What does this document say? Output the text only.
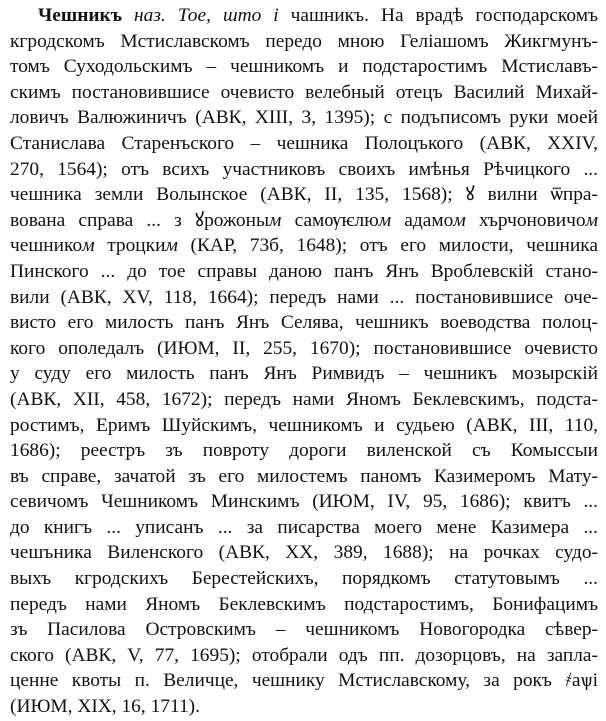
Чешникъ наз. Тое, што і чашникъ. На врадѣ господарскомъ
кгродскомъ Мстиславскомъ передо мною Геліашомъ Жикгмунъ-
томъ Суходольскимъ – чешникомъ и подстаростимъ Мстиславъ-
скимъ постановившисе очевисто велебный отецъ Василий Михай-
ловичъ Валюжиничъ (АВК, XIII, 3, 1395); с подъписомъ руки моей
Станислава Старенъского – чешника Полоцъкого (АВК, XXIV,
270, 1564); отъ всихъ участниковъ своихъ имѣнья Рѣчицкого ...
чешника земли Волынское (АВК, II, 135, 1568); ꙋ вилни ѿпра-
вована справа ... з ꙋрожоным самѹѥлюм адамом хърчоновичом
чешником троцким (КАР, 73б, 1648); отъ его милости, чешника
Пинского ... до тое справы даною панъ Янъ Вроблевскій стано-
вили (АВК, XV, 118, 1664); передъ нами ... постановившисе оче-
висто его милость панъ Янъ Селява, чешникъ воеводства полоц-
кого ополедалъ (ИЮМ, II, 255, 1670); постановившисе очевисто
у суду его милость панъ Янъ Римвидъ – чешникъ мозырскій
(АВК, XII, 458, 1672); передъ нами Яномъ Беклевскимъ, подста-
ростимъ, Еримъ Шуйскимъ, чешникомъ и судьею (АВК, III, 110,
1686); реестръ зъ повроту дороги виленской съ Комыссыи
въ справе, зачатой зъ его милостемъ паномъ Казимеромъ Мату-
севичомъ Чешникомъ Минскимъ (ИЮМ, IV, 95, 1686); квитъ ...
до книгъ ... уписанъ ... за писарства моего мене Казимера ...
чешъника Виленского (АВК, XX, 389, 1688); на рочках судо-
выхъ кгродскихъ Берестейскихъ, порядкомъ статутовымъ ...
передъ нами Яномъ Беклевскимъ подстаростимъ, Бонифацимъ
зъ Пасилова Островскимъ – чешникомъ Новогородка сѣвер-
ского (АВК, V, 77, 1695); отобрали одъ пп. дозорцовъ, на запла-
ценне квоты п. Величце, чешнику Мстиславскому, за рокъ ҂аѱі
(ИЮМ, XIX, 16, 1711).
